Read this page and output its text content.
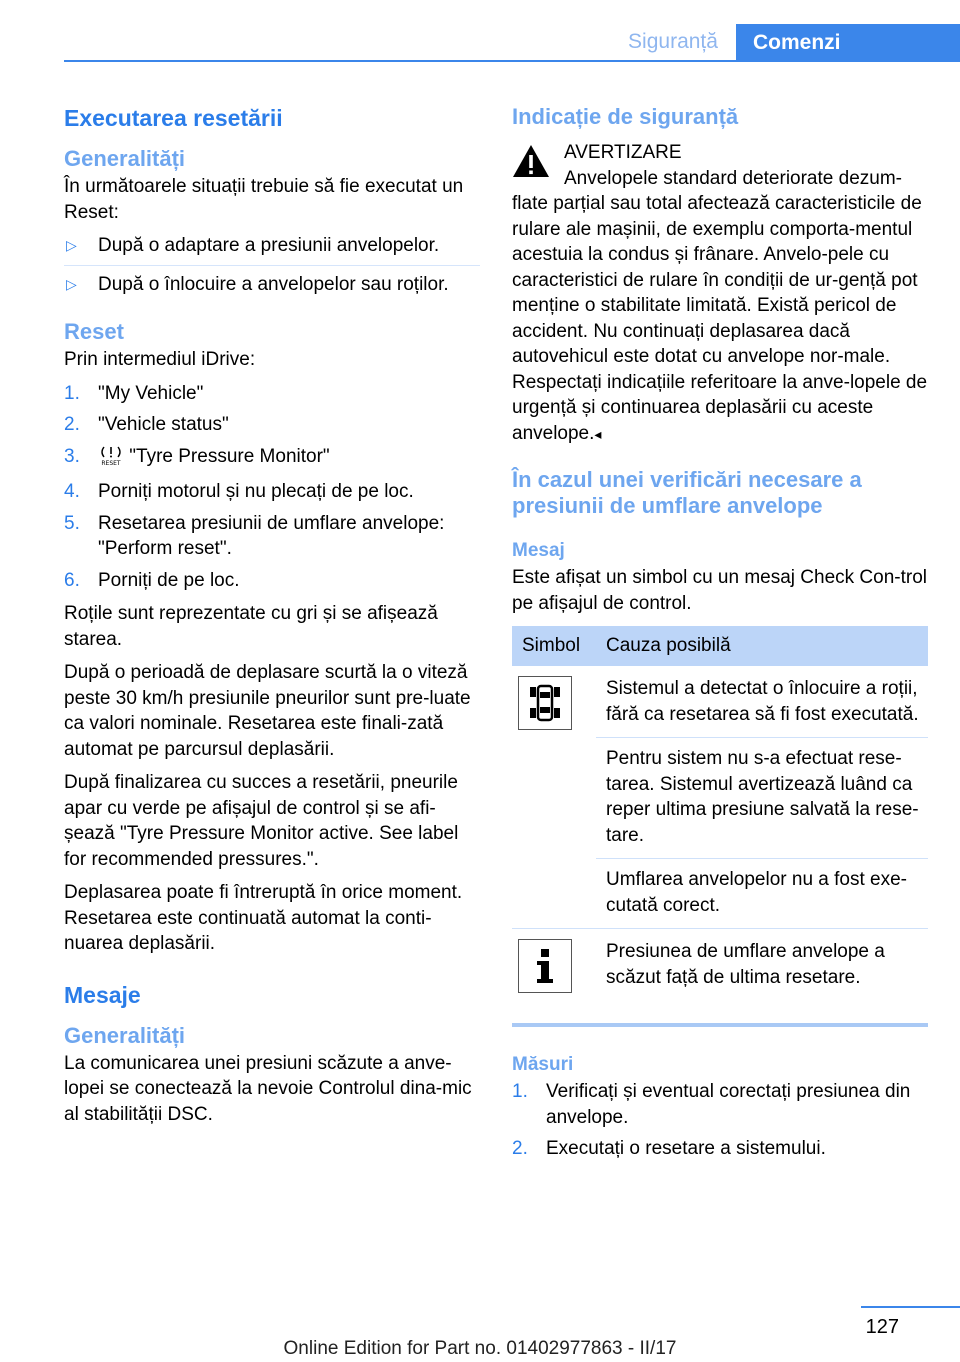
Siguranță	Comenzi
Executarea resetării
Generalități

În următoarele situații trebuie să fie executat un Reset:

▷ După o adaptare a presiunii anvelopelor.
▷ După o înlocuire a anvelopelor sau roților.
Reset

Prin intermediul iDrive:

1. "My Vehicle"
2. "Vehicle status"
3.	RESET "Tyre Pressure Monitor"
4. Porniți motorul și nu plecați de pe loc.
5. Resetarea presiunii de umflare anvelope: "Perform reset".
6. Porniți de pe loc.

Roțile sunt reprezentate cu gri și se afișează starea.

După o perioadă de deplasare scurtă la o viteză peste 30 km/h presiunile pneurilor sunt pre-luate ca valori nominale. Resetarea este finali-zată automat pe parcursul deplasării.

După finalizarea cu succes a resetării, pneurile apar cu verde pe afișajul de control și se afi-șează "Tyre Pressure Monitor active. See label for recommended pressures.".

Deplasarea poate fi întreruptă în orice moment. Resetarea este continuată automat la conti-nuarea deplasării.

Mesaje
Generalități

La comunicarea unei presiuni scăzute a anve-lopei se conectează la nevoie Controlul dina-mic al stabilității DSC.

Indicație de siguranță

AVERTIZARE

Anvelopele standard deteriorate dezum-flate parțial sau total afectează caracteristicile de rulare ale mașinii, de exemplu comporta-mentul acestuia la condus și frânare. Anvelo-pele cu caracteristici de rulare în condiții de ur-gență pot menține o stabilitate limitată. Există pericol de accident. Nu continuați deplasarea dacă autovehicul este dotat cu anvelope nor-male. Respectați indicațiile referitoare la anve-lopele de urgență și continuarea deplasării cu aceste anvelope.◂

În cazul unei verificări necesare a presiunii de umflare anvelope
Mesaj

Este afișat un simbol cu un mesaj Check Con-trol pe afișajul de control.

Simbol	Cauza posibilă

	Sistemul a detectat o înlocuire a roții, fără ca resetarea să fi fost executată.
	Pentru sistem nu s-a efectuat rese-tarea. Sistemul avertizează luând ca reper ultima presiune salvată la rese-tare.
	Umflarea anvelopelor nu a fost exe-cutată corect.

	Presiunea de umflare anvelope a scăzut față de ultima resetare.
Măsuri
1. Verificați și eventual corectați presiunea din anvelope.
2. Executați o resetare a sistemului.
127
Online Edition for Part no. 01402977863 - II/17
